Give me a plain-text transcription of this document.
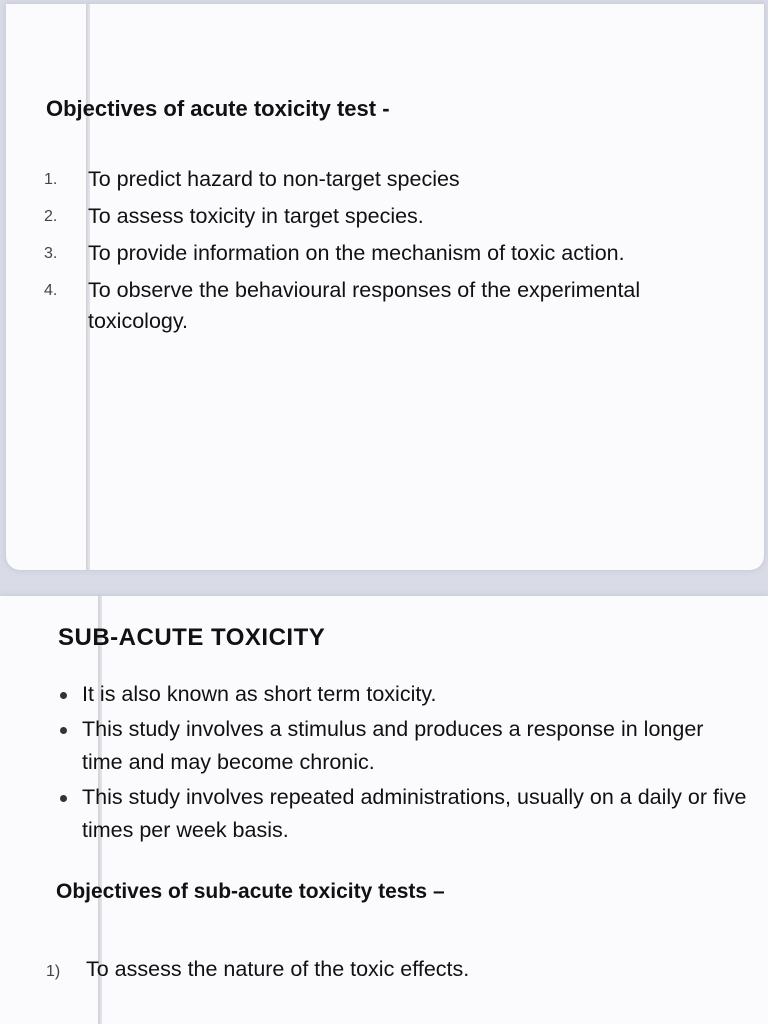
Objectives of acute toxicity test -
1. To predict hazard to non-target species
2. To assess toxicity in target species.
3. To provide information on the mechanism of toxic action.
4. To observe the behavioural responses of the experimental toxicology.
SUB-ACUTE TOXICITY
It is also known as short term toxicity.
This study involves a stimulus and produces a response in longer time and may become chronic.
This study involves repeated administrations, usually on a daily or five times per week basis.
Objectives of sub-acute toxicity tests –
1) To assess the nature of the toxic effects.
